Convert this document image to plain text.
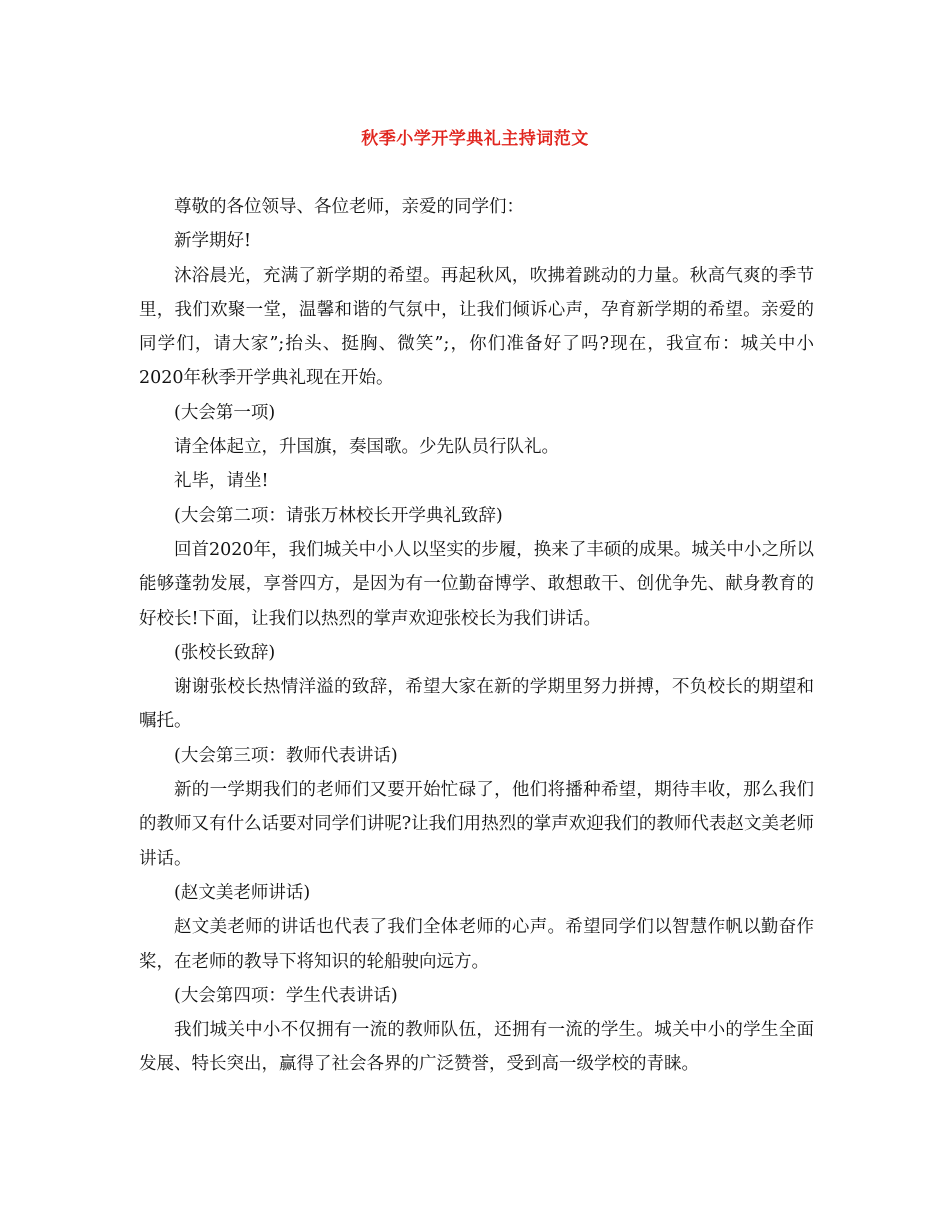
秋季小学开学典礼主持词范文

尊敬的各位领导、各位老师，亲爱的同学们：

新学期好!

沐浴晨光，充满了新学期的希望。再起秋风，吹拂着跳动的力量。秋高气爽的季节里，我们欢聚一堂，温馨和谐的气氛中，让我们倾诉心声，孕育新学期的希望。亲爱的同学们，请大家”;抬头、挺胸、微笑”;，你们准备好了吗?现在，我宣布：城关中小2020年秋季开学典礼现在开始。

(大会第一项)

请全体起立，升国旗，奏国歌。少先队员行队礼。

礼毕，请坐!

(大会第二项：请张万林校长开学典礼致辞)

回首2020年，我们城关中小人以坚实的步履，换来了丰硕的成果。城关中小之所以能够蓬勃发展，享誉四方，是因为有一位勤奋博学、敢想敢干、创优争先、献身教育的好校长!下面，让我们以热烈的掌声欢迎张校长为我们讲话。

(张校长致辞)

谢谢张校长热情洋溢的致辞，希望大家在新的学期里努力拼搏，不负校长的期望和嘱托。

(大会第三项：教师代表讲话)

新的一学期我们的老师们又要开始忙碌了，他们将播种希望，期待丰收，那么我们的教师又有什么话要对同学们讲呢?让我们用热烈的掌声欢迎我们的教师代表赵文美老师讲话。

(赵文美老师讲话)

赵文美老师的讲话也代表了我们全体老师的心声。希望同学们以智慧作帆以勤奋作桨，在老师的教导下将知识的轮船驶向远方。

(大会第四项：学生代表讲话)

我们城关中小不仅拥有一流的教师队伍，还拥有一流的学生。城关中小的学生全面发展、特长突出，赢得了社会各界的广泛赞誉，受到高一级学校的青睐。
